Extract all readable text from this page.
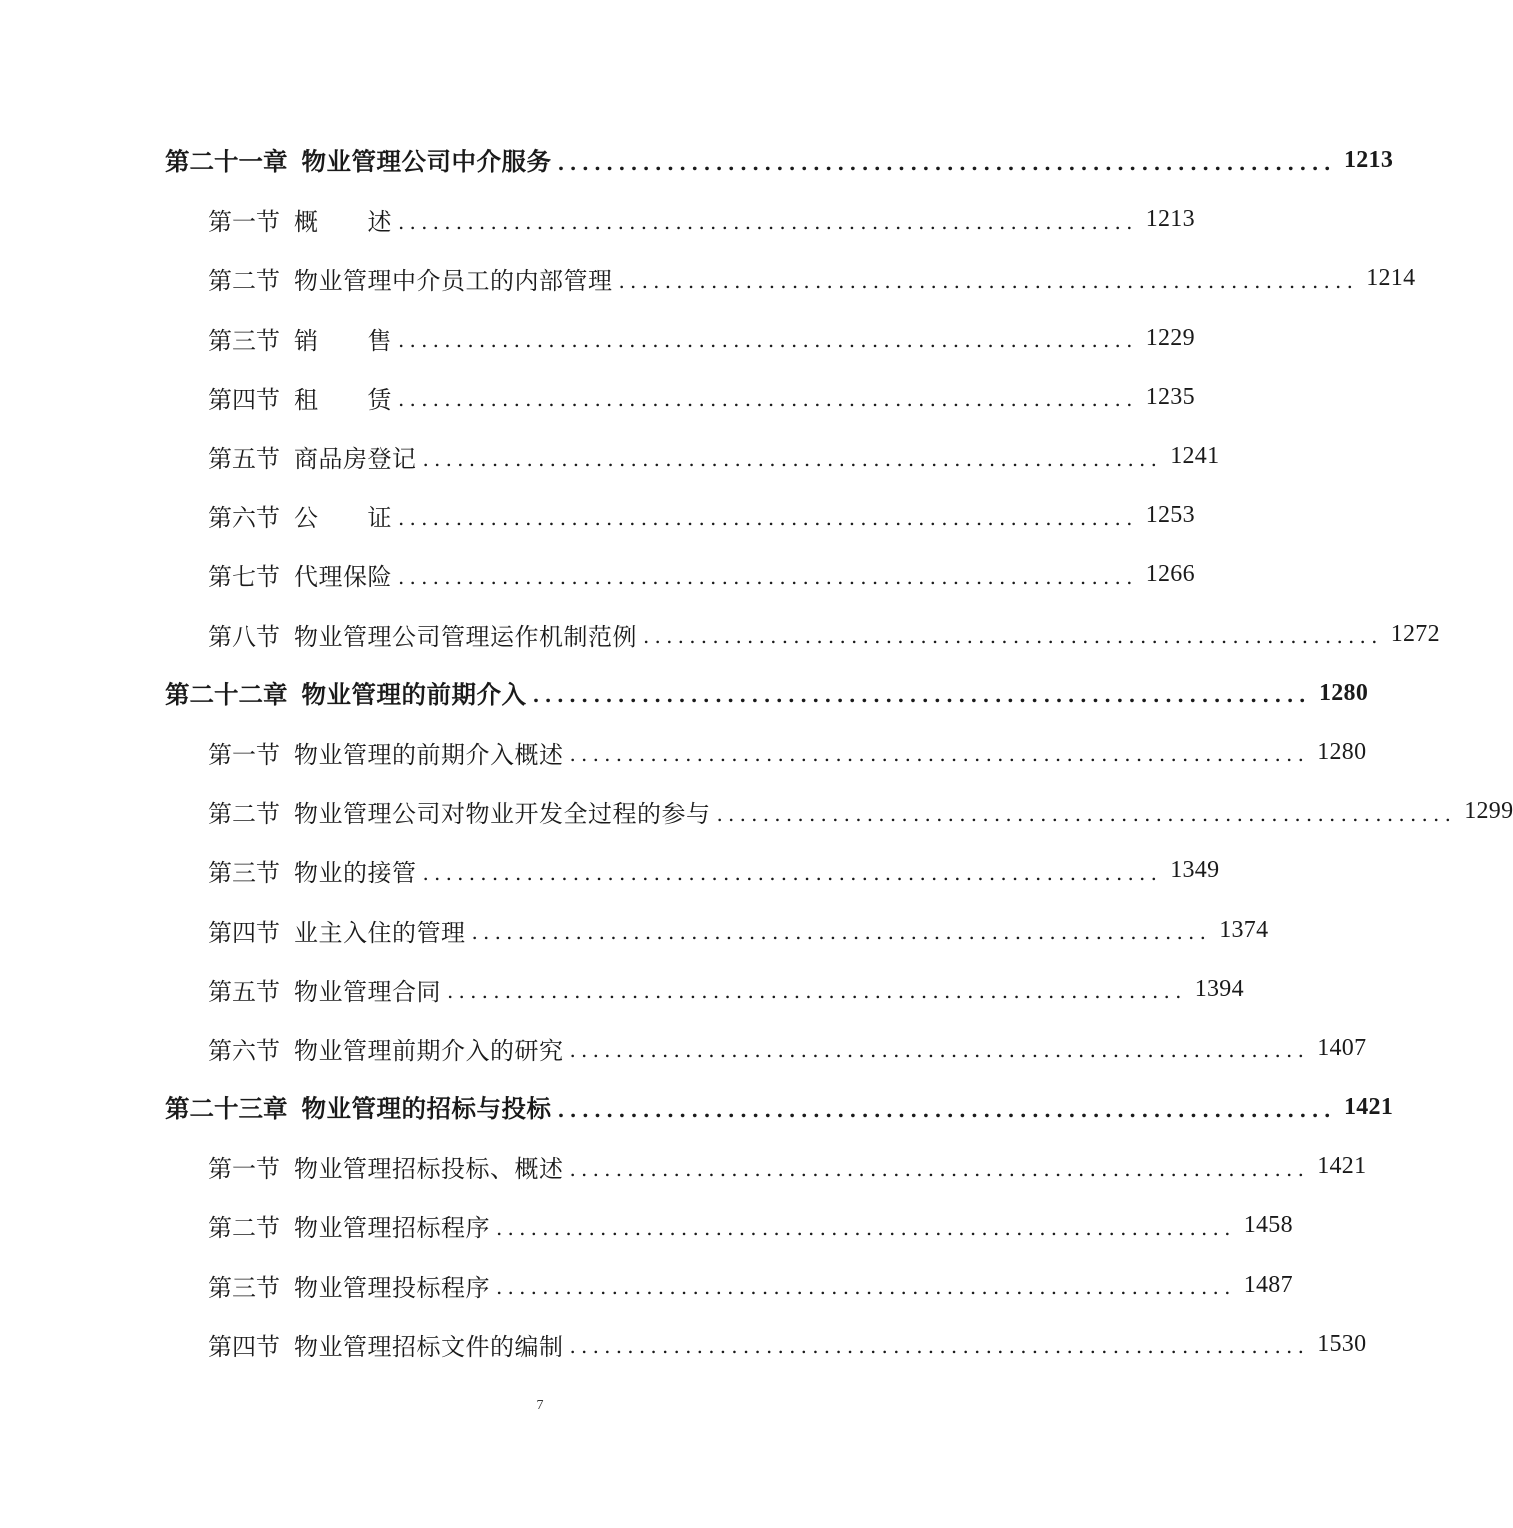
第二十一章 物业管理公司中介服务 ................................................................ 1213
第一节 概　　述 ................................................................ 1213
第二节 物业管理中介员工的内部管理 ................................................................ 1214
第三节 销　　售 ................................................................ 1229
第四节 租　　赁 ................................................................ 1235
第五节 商品房登记 ................................................................ 1241
第六节 公　　证 ................................................................ 1253
第七节 代理保险 ................................................................ 1266
第八节 物业管理公司管理运作机制范例 ................................................................ 1272
第二十二章 物业管理的前期介入 ................................................................ 1280
第一节 物业管理的前期介入概述 ................................................................ 1280
第二节 物业管理公司对物业开发全过程的参与 ................................................................ 1299
第三节 物业的接管 ................................................................ 1349
第四节 业主入住的管理 ................................................................ 1374
第五节 物业管理合同 ................................................................ 1394
第六节 物业管理前期介入的研究 ................................................................ 1407
第二十三章 物业管理的招标与投标 ................................................................ 1421
第一节 物业管理招标投标、概述 ................................................................ 1421
第二节 物业管理招标程序 ................................................................ 1458
第三节 物业管理投标程序 ................................................................ 1487
第四节 物业管理招标文件的编制 ................................................................ 1530
7
